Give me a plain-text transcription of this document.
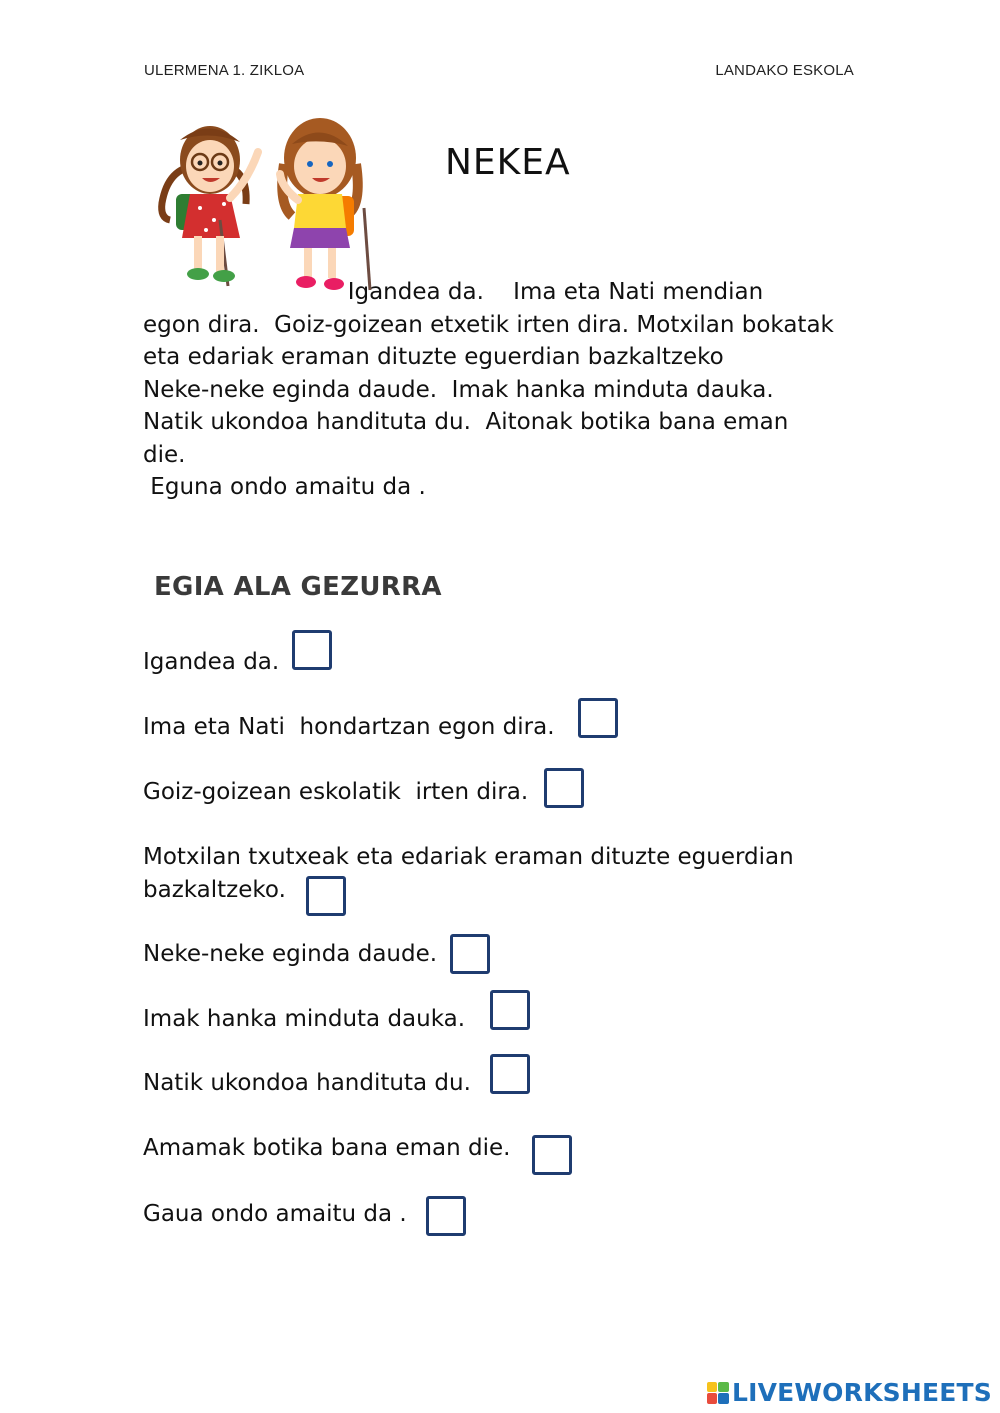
ULERMENA 1. ZIKLOA	LANDAKO ESKOLA
NEKEA
Igandea da.    Ima eta Nati mendian
egon dira.  Goiz-goizean etxetik irten dira. Motxilan bokatak
eta edariak eraman dituzte eguerdian bazkaltzeko
Neke-neke eginda daude.  Imak hanka minduta dauka.
Natik ukondoa handituta du.  Aitonak botika bana eman
die.
Eguna ondo amaitu da .
EGIA ALA GEZURRA
Igandea da.
Ima eta Nati  hondartzan egon dira.
Goiz-goizean eskolatik  irten dira.
Motxilan txutxeak eta edariak eraman dituzte eguerdian
bazkaltzeko.
Neke-neke eginda daude.
Imak hanka minduta dauka.
Natik ukondoa handituta du.
Amamak botika bana eman die.
Gaua ondo amaitu da .
LIVEWORKSHEETS
